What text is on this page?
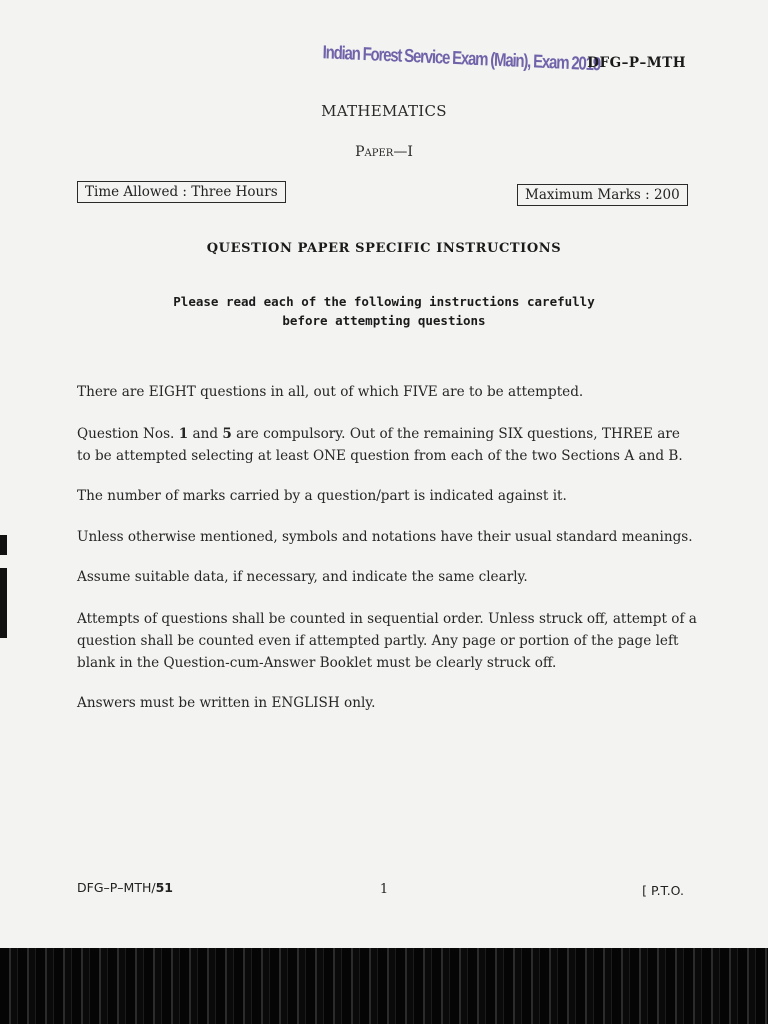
Indian Forest Service Exam (Main), Exam 2019
DFG–P–MTH
MATHEMATICS
Paper—I
Time Allowed : Three Hours	Maximum Marks : 200
QUESTION PAPER SPECIFIC INSTRUCTIONS
Please read each of the following instructions carefully
before attempting questions
There are EIGHT questions in all, out of which FIVE are to be attempted.
Question Nos. 1 and 5 are compulsory. Out of the remaining SIX questions, THREE are to be attempted selecting at least ONE question from each of the two Sections A and B.
The number of marks carried by a question/part is indicated against it.
Unless otherwise mentioned, symbols and notations have their usual standard meanings.
Assume suitable data, if necessary, and indicate the same clearly.
Attempts of questions shall be counted in sequential order. Unless struck off, attempt of a question shall be counted even if attempted partly. Any page or portion of the page left blank in the Question-cum-Answer Booklet must be clearly struck off.
Answers must be written in ENGLISH only.
DFG–P–MTH/51	1	[ P.T.O.
